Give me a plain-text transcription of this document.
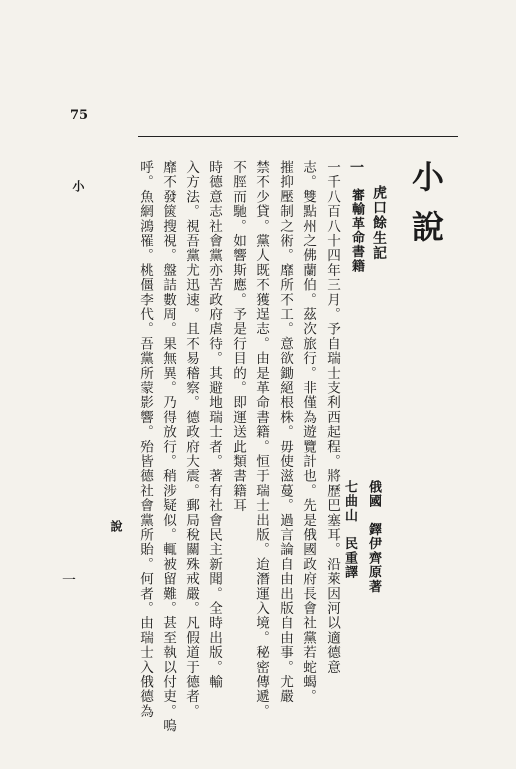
75
小
說
一
小說
虎口餘生記
俄國　鐸伊齊原著
一
審輸革命書籍
七曲山　民重譯
一千八百八十四年三月。予自瑞士支利西起程。將歷巴塞耳。沿萊因河以適德意
志。雙點州之佛蘭伯。茲次旅行。非僅為遊覽計也。先是俄國政府長會社黨若蛇蝎。
摧抑壓制之術。靡所不工。意欲鋤絕根株。毋使滋蔓。過言論自由出版自由事。尤嚴
禁不少貸。黨人既不獲逞志。由是革命書籍。恒于瑞士出版。迨潛運入境。秘密傳遞。
不脛而馳。如響斯應。予是行目的。即運送此類書籍耳
時德意志社會黨亦苦政府虐待。其避地瑞士者。著有社會民主新聞。全時出版。輸
入方法。視吾黨尤迅速。且不易稽察。德政府大震。郵局稅關殊戒嚴。凡假道于德者。
靡不發篋搜視。盤詰數周。果無異。乃得放行。稍涉疑似。輒被留難。甚至執以付吏。嗚
呼。魚網鴻罹。桃僵李代。吾黨所蒙影響。殆皆德社會黨所貽。何者。由瑞士入俄德為
